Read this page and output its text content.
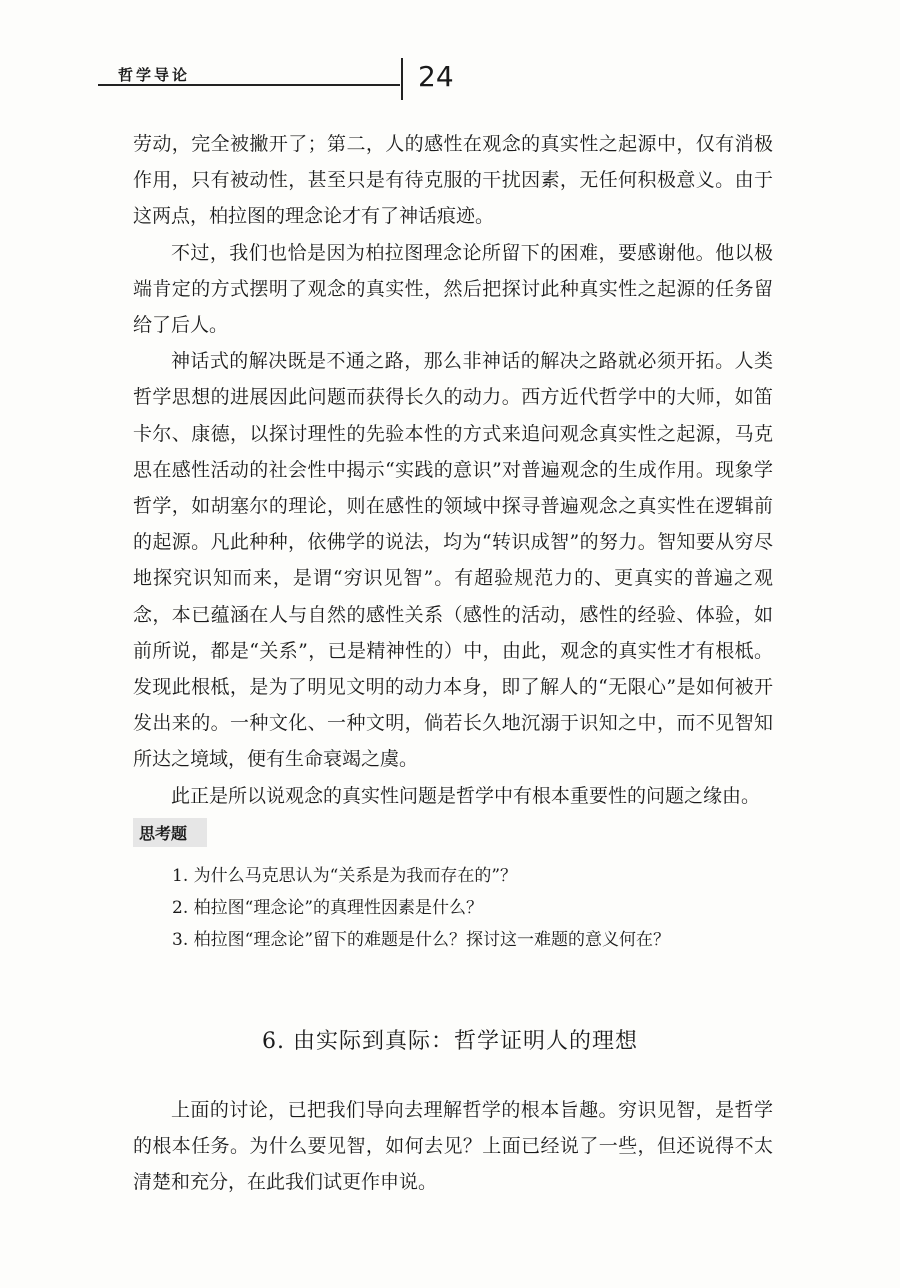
哲学导论	24

劳动，完全被撇开了；第二，人的感性在观念的真实性之起源中，仅有消极作用，只有被动性，甚至只是有待克服的干扰因素，无任何积极意义。由于这两点，柏拉图的理念论才有了神话痕迹。

不过，我们也恰是因为柏拉图理念论所留下的困难，要感谢他。他以极端肯定的方式摆明了观念的真实性，然后把探讨此种真实性之起源的任务留给了后人。

神话式的解决既是不通之路，那么非神话的解决之路就必须开拓。人类哲学思想的进展因此问题而获得长久的动力。西方近代哲学中的大师，如笛卡尔、康德，以探讨理性的先验本性的方式来追问观念真实性之起源，马克思在感性活动的社会性中揭示“实践的意识”对普遍观念的生成作用。现象学哲学，如胡塞尔的理论，则在感性的领域中探寻普遍观念之真实性在逻辑前的起源。凡此种种，依佛学的说法，均为“转识成智”的努力。智知要从穷尽地探究识知而来，是谓“穷识见智”。有超验规范力的、更真实的普遍之观念，本已蕴涵在人与自然的感性关系（感性的活动，感性的经验、体验，如前所说，都是“关系”，已是精神性的）中，由此，观念的真实性才有根柢。发现此根柢，是为了明见文明的动力本身，即了解人的“无限心”是如何被开发出来的。一种文化、一种文明，倘若长久地沉溺于识知之中，而不见智知所达之境域，便有生命衰竭之虞。

此正是所以说观念的真实性问题是哲学中有根本重要性的问题之缘由。

思考题
1. 为什么马克思认为“关系是为我而存在的”？
2. 柏拉图“理念论”的真理性因素是什么？
3. 柏拉图“理念论”留下的难题是什么？探讨这一难题的意义何在？
6. 由实际到真际：哲学证明人的理想

上面的讨论，已把我们导向去理解哲学的根本旨趣。穷识见智，是哲学的根本任务。为什么要见智，如何去见？上面已经说了一些，但还说得不太清楚和充分，在此我们试更作申说。
